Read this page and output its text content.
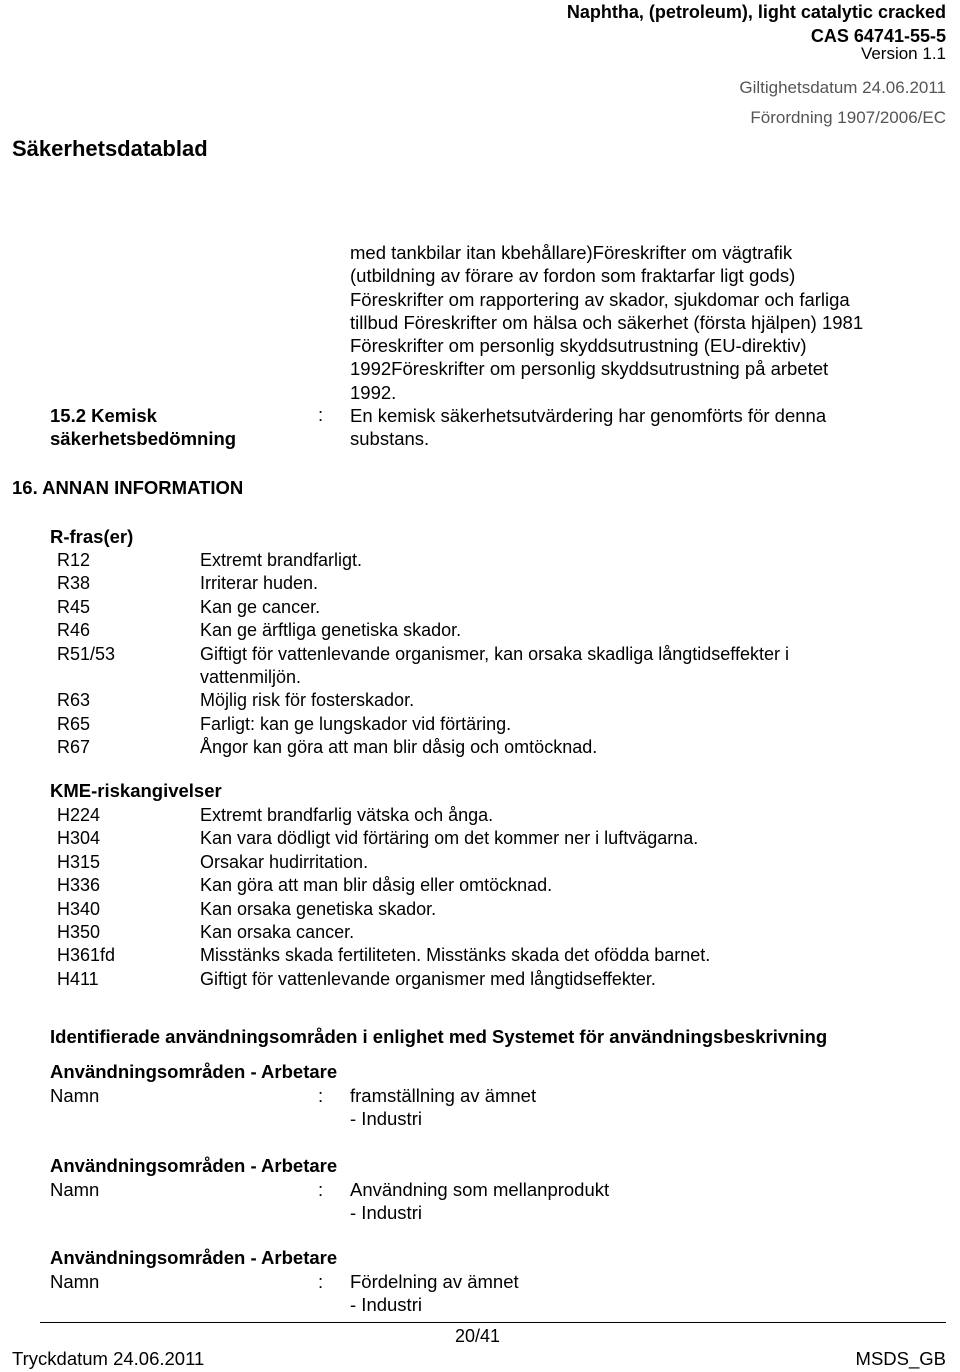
Naphtha, (petroleum), light catalytic cracked
CAS 64741-55-5
Version 1.1
Giltighetsdatum 24.06.2011
Förordning 1907/2006/EC
Säkerhetsdatablad
med tankbilar itan kbehållare)Föreskrifter om vägtrafik
(utbildning av förare av fordon som fraktarfar ligt gods)
Föreskrifter om rapportering av skador, sjukdomar och farliga
tillbud Föreskrifter om hälsa och säkerhet (första hjälpen) 1981
Föreskrifter om personlig skyddsutrustning (EU-direktiv)
1992Föreskrifter om personlig skyddsutrustning på arbetet
1992.
15.2 Kemisk
säkerhetsbedömning
: En kemisk säkerhetsutvärdering har genomförts för denna
substans.
16. ANNAN INFORMATION
R-fras(er)
KME-riskangivelser
Identifierade användningsområden i enlighet med Systemet för användningsbeskrivning
20/41
Tryckdatum 24.06.2011	MSDS_GB
R12	Extremt brandfarligt.
R38	Irriterar huden.
R45	Kan ge cancer.
R46	Kan ge ärftliga genetiska skador.
R51/53	Giftigt för vattenlevande organismer, kan orsaka skadliga långtidseffekter i
vattenmiljön.
R63	Möjlig risk för fosterskador.
R65	Farligt: kan ge lungskador vid förtäring.
R67	Ångor kan göra att man blir dåsig och omtöcknad.
H224	Extremt brandfarlig vätska och ånga.
H304	Kan vara dödligt vid förtäring om det kommer ner i luftvägarna.
H315	Orsakar hudirritation.
H336	Kan göra att man blir dåsig eller omtöcknad.
H340	Kan orsaka genetiska skador.
H350	Kan orsaka cancer.
H361fd	Misstänks skada fertiliteten. Misstänks skada det ofödda barnet.
H411	Giftigt för vattenlevande organismer med långtidseffekter.
Användningsområden - Arbetare
Namn	: framställning av ämnet
- Industri
Användningsområden - Arbetare
Namn	: Användning som mellanprodukt
- Industri
Användningsområden - Arbetare
Namn	: Fördelning av ämnet
- Industri
